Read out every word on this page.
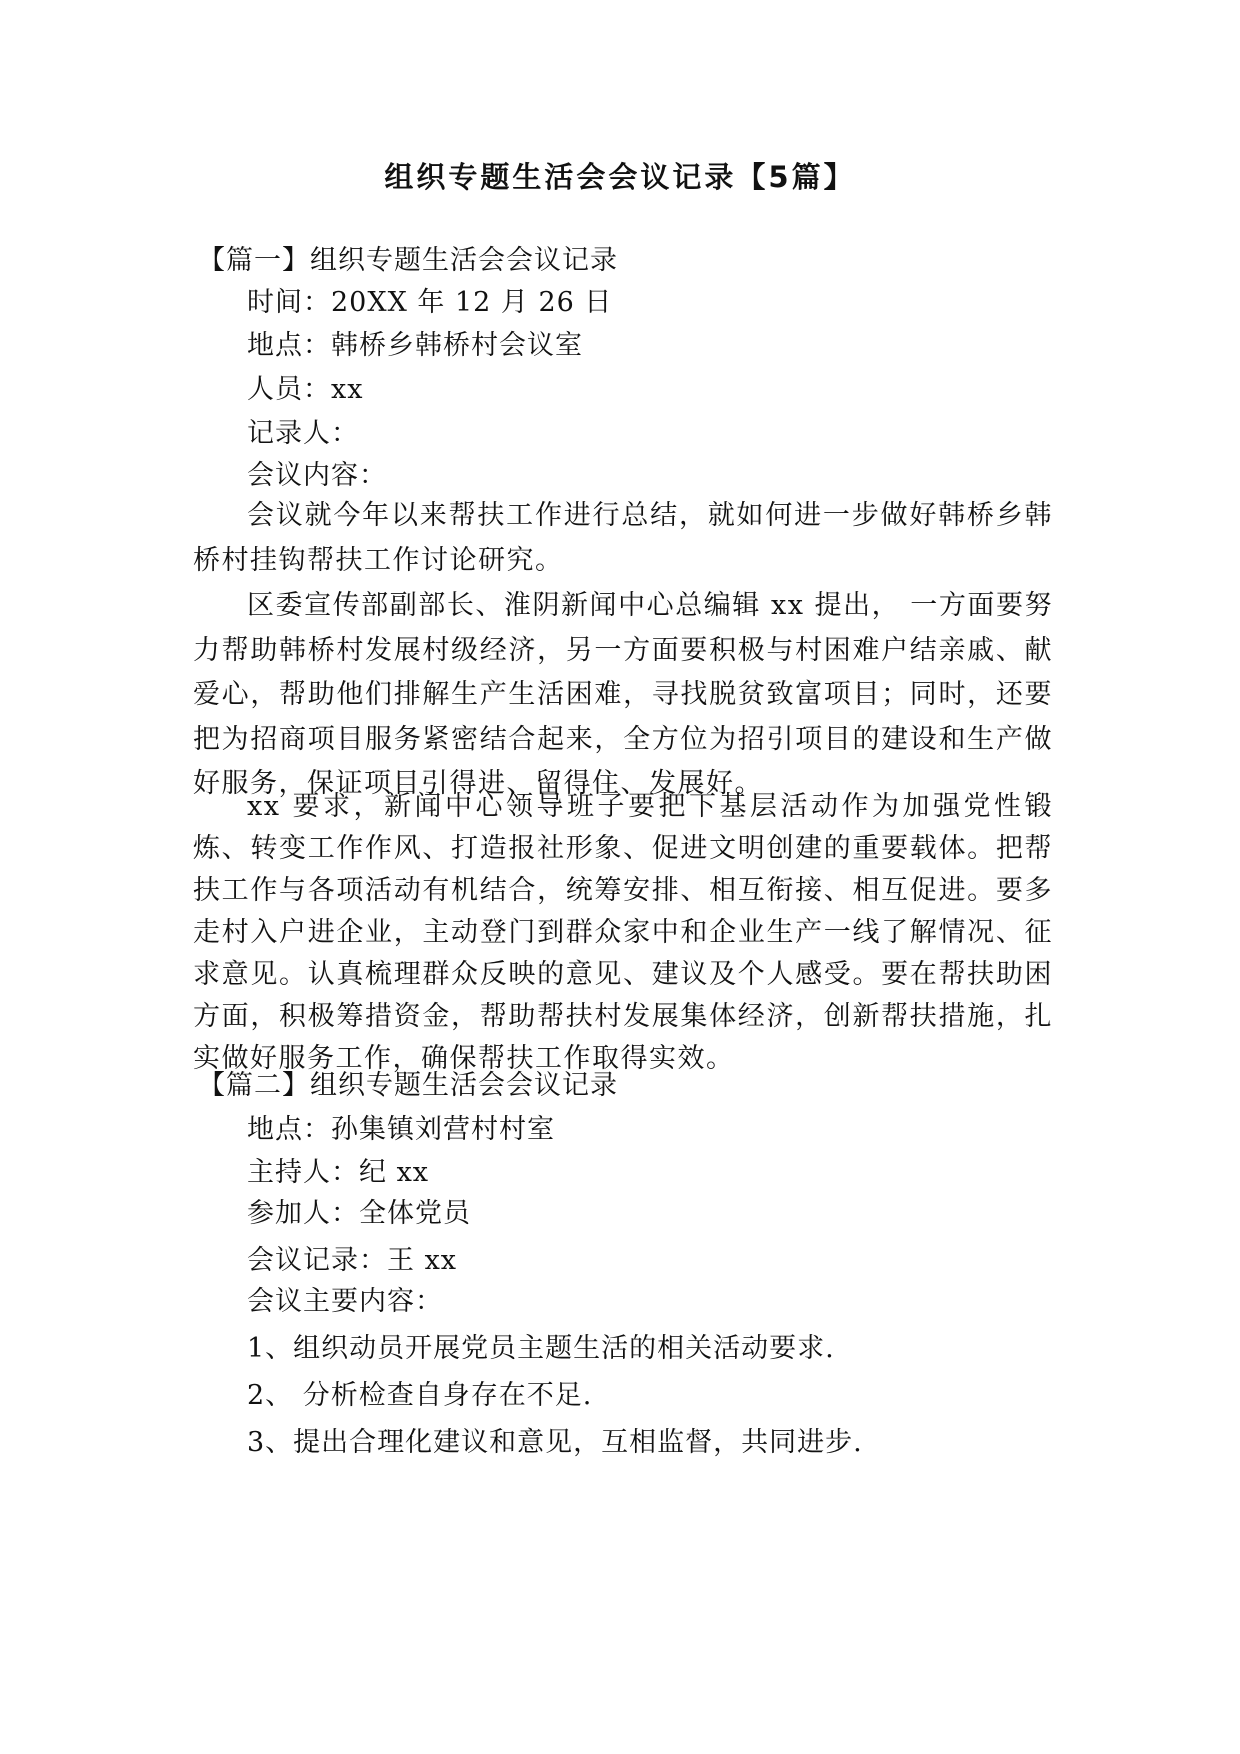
组织专题生活会会议记录【5篇】
【篇一】组织专题生活会会议记录
时间：20XX 年 12 月 26 日
地点：韩桥乡韩桥村会议室
人员：xx
记录人：
会议内容：
会议就今年以来帮扶工作进行总结，就如何进一步做好韩桥乡韩桥村挂钩帮扶工作讨论研究。
区委宣传部副部长、淮阴新闻中心总编辑 xx 提出， 一方面要努 力帮助韩桥村发展村级经济，另一方面要积极与村困难户结亲戚、献 爱心，帮助他们排解生产生活困难，寻找脱贫致富项目；同时，还要 把为招商项目服务紧密结合起来，全方位为招引项目的建设和生产做 好服务，保证项目引得进、留得住、发展好。
xx 要求，新闻中心领导班子要把下基层活动作为加强党性锻炼、转变工作作风、打造报社形象、促进文明创建的重要载体。把帮扶工作与各项活动有机结合，统筹安排、相互衔接、相互促进。要多走村入户进企业，主动登门到群众家中和企业生产一线了解情况、征求意见。认真梳理群众反映的意见、建议及个人感受。要在帮扶助困方面，积极筹措资金，帮助帮扶村发展集体经济，创新帮扶措施，扎实做好服务工作，确保帮扶工作取得实效。
【篇二】组织专题生活会会议记录
地点：孙集镇刘营村村室
主持人：纪 xx
参加人：全体党员
会议记录：王 xx
会议主要内容：
1、组织动员开展党员主题生活的相关活动要求.
2、 分析检查自身存在不足.
3、提出合理化建议和意见，互相监督，共同进步.
